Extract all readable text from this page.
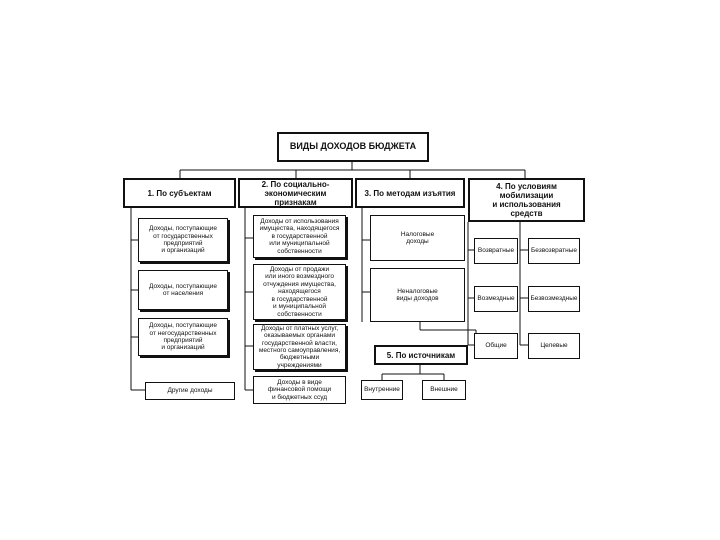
ВИДЫ ДОХОДОВ БЮДЖЕТА
1. По субъектам
Доходы, поступающие
от государственных
предприятий
и организаций
Доходы, поступающие
от населения
Доходы, поступающие
от негосударственных
предприятий
и организаций
Другие доходы
2. По социально-
экономическим
признакам
Доходы от использования
имущества, находящегося
в государственной
или муниципальной
собственности
Доходы от продажи
или иного возмездного
отчуждения имущества,
находящегося
в государственной
и муниципальной
собственности
Доходы от платных услуг,
оказываемых органами
государственной власти,
местного самоуправления,
бюджетными
учреждениями
Доходы в виде
финансовой помощи
и бюджетных ссуд
3. По методам изъятия
Налоговые
доходы
Неналоговые
виды доходов
4. По условиям
мобилизации
и использования
средств
Возвратные	Безвозвратные
Возмездные	Безвозмездные
Общие	Целевые
5. По источникам
Внутренние	Внешние
